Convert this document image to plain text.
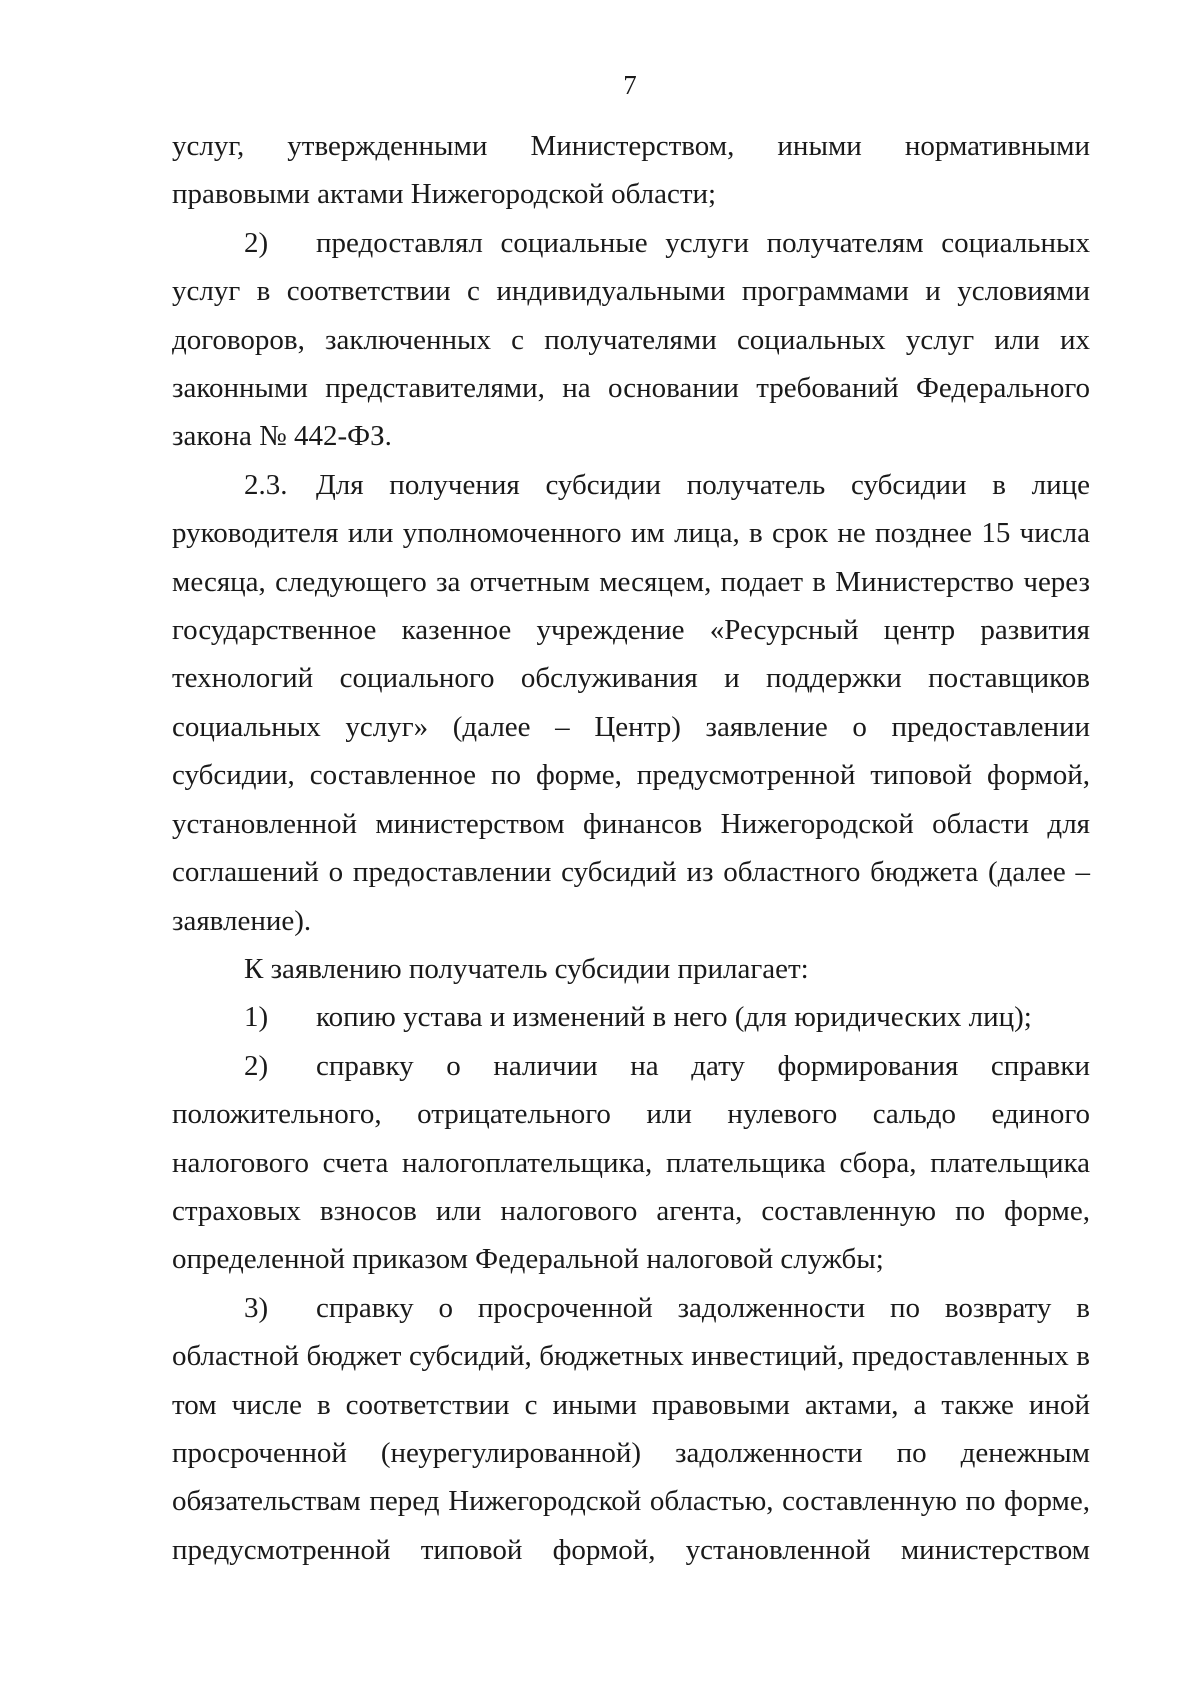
7

услуг, утвержденными Министерством, иными нормативными правовыми актами Нижегородской области;

2) предоставлял социальные услуги получателям социальных услуг в соответствии с индивидуальными программами и условиями договоров, заключенных с получателями социальных услуг или их законными представителями, на основании требований Федерального закона № 442-ФЗ.

2.3. Для получения субсидии получатель субсидии в лице руководителя или уполномоченного им лица, в срок не позднее 15 числа месяца, следующего за отчетным месяцем, подает в Министерство через государственное казенное учреждение «Ресурсный центр развития технологий социального обслуживания и поддержки поставщиков социальных услуг» (далее – Центр) заявление о предоставлении субсидии, составленное по форме, предусмотренной типовой формой, установленной министерством финансов Нижегородской области для соглашений о предоставлении субсидий из областного бюджета (далее – заявление).

К заявлению получатель субсидии прилагает:

1) копию устава и изменений в него (для юридических лиц);

2) справку о наличии на дату формирования справки положительного, отрицательного или нулевого сальдо единого налогового счета налогоплательщика, плательщика сбора, плательщика страховых взносов или налогового агента, составленную по форме, определенной приказом Федеральной налоговой службы;

3) справку о просроченной задолженности по возврату в областной бюджет субсидий, бюджетных инвестиций, предоставленных в том числе в соответствии с иными правовыми актами, а также иной просроченной (неурегулированной) задолженности по денежным обязательствам перед Нижегородской областью, составленную по форме, предусмотренной типовой формой, установленной министерством
